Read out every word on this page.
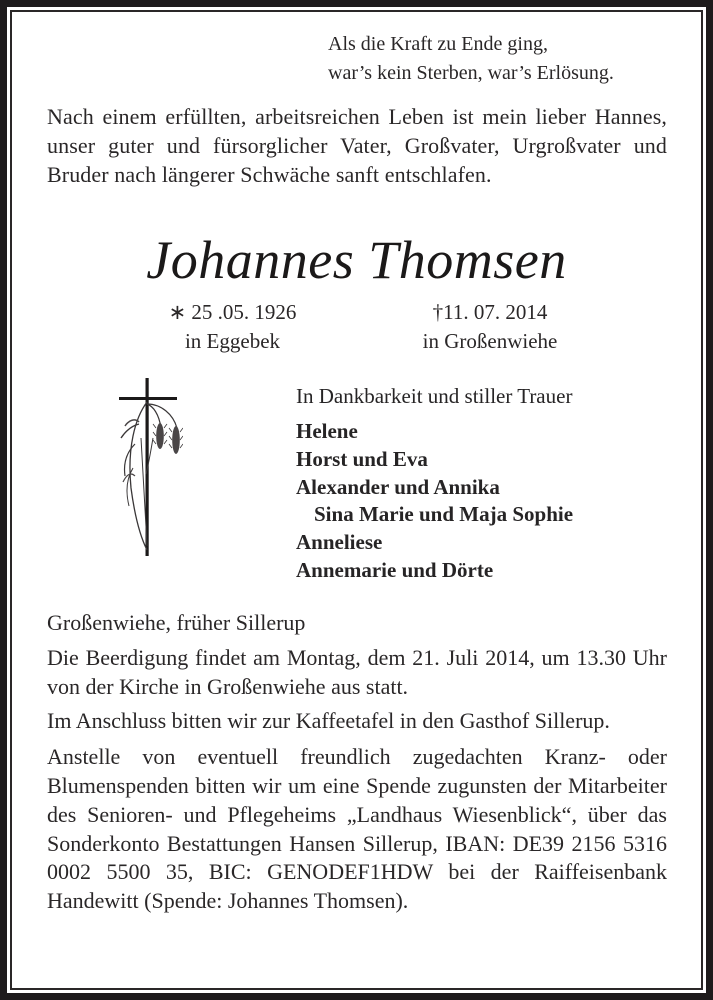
Als die Kraft zu Ende ging,
war’s kein Sterben, war’s Erlösung.
Nach einem erfüllten, arbeitsreichen Leben ist mein lieber Hannes, unser guter und fürsorglicher Vater, Großvater, Urgroßvater und Bruder nach längerer Schwäche sanft entschlafen.
Johannes Thomsen
∗ 25 .05. 1926
in Eggebek
†11. 07. 2014
in Großenwiehe
In Dankbarkeit und stiller Trauer
Helene
Horst und Eva
Alexander und Annika
Sina Marie und Maja Sophie
Anneliese
Annemarie und Dörte

Großenwiehe, früher Sillerup

Die Beerdigung findet am Montag, dem 21. Juli 2014, um 13.30 Uhr von der Kirche in Großenwiehe aus statt.

Im Anschluss bitten wir zur Kaffeetafel in den Gasthof Sillerup.

Anstelle von eventuell freundlich zugedachten Kranz- oder Blumenspenden bitten wir um eine Spende zugunsten der Mitarbeiter des Senioren- und Pflegeheims „Landhaus Wiesenblick“, über das Sonderkonto Bestattungen Hansen Sillerup, IBAN: DE39 2156 5316 0002 5500 35, BIC: GENODEF1HDW bei der Raiffeisenbank Handewitt (Spende: Johannes Thomsen).
